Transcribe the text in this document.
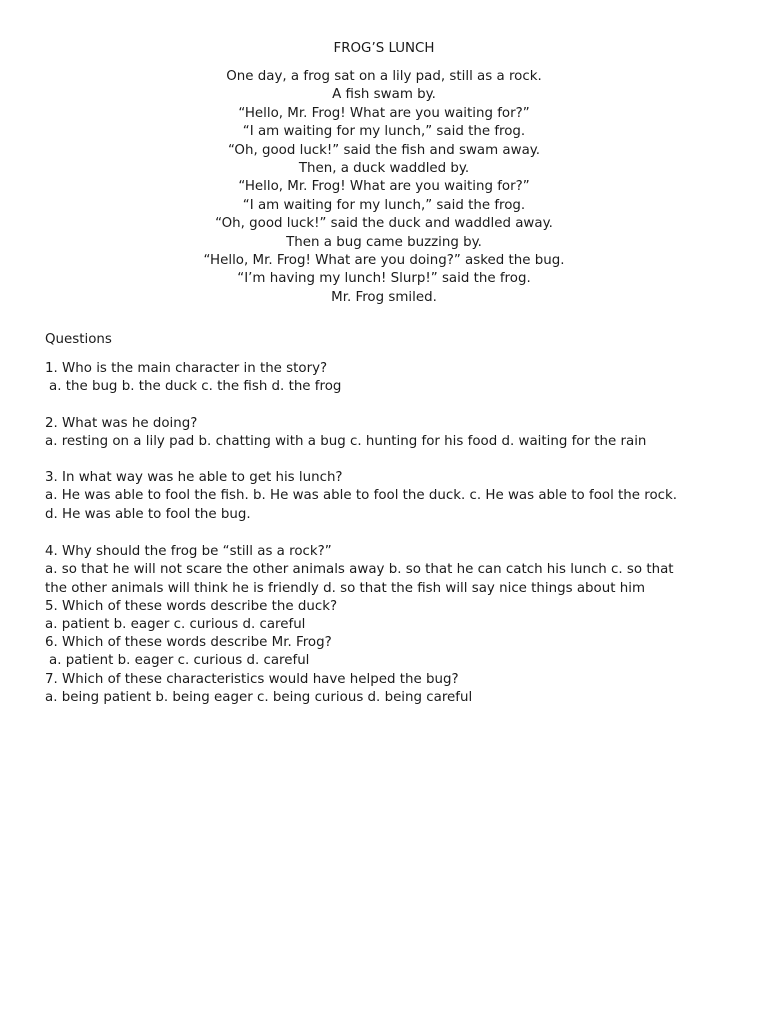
FROG’S LUNCH
One day, a frog sat on a lily pad, still as a rock.
A fish swam by.
“Hello, Mr. Frog! What are you waiting for?”
“I am waiting for my lunch,” said the frog.
“Oh, good luck!” said the fish and swam away.
Then, a duck waddled by.
“Hello, Mr. Frog! What are you waiting for?”
“I am waiting for my lunch,” said the frog.
“Oh, good luck!” said the duck and waddled away.
Then a bug came buzzing by.
“Hello, Mr. Frog! What are you doing?” asked the bug.
“I’m having my lunch! Slurp!” said the frog.
Mr. Frog smiled.
Questions
1. Who is the main character in the story?
a. the bug b. the duck c. the fish d. the frog
2. What was he doing?
a. resting on a lily pad b. chatting with a bug c. hunting for his food d. waiting for the rain
3. In what way was he able to get his lunch?
a. He was able to fool the fish. b. He was able to fool the duck. c. He was able to fool the rock.
d. He was able to fool the bug.
4. Why should the frog be “still as a rock?”
a. so that he will not scare the other animals away b. so that he can catch his lunch c. so that
the other animals will think he is friendly d. so that the fish will say nice things about him
5. Which of these words describe the duck?
a. patient b. eager c. curious d. careful
6. Which of these words describe Mr. Frog?
a. patient b. eager c. curious d. careful
7. Which of these characteristics would have helped the bug?
a. being patient b. being eager c. being curious d. being careful
